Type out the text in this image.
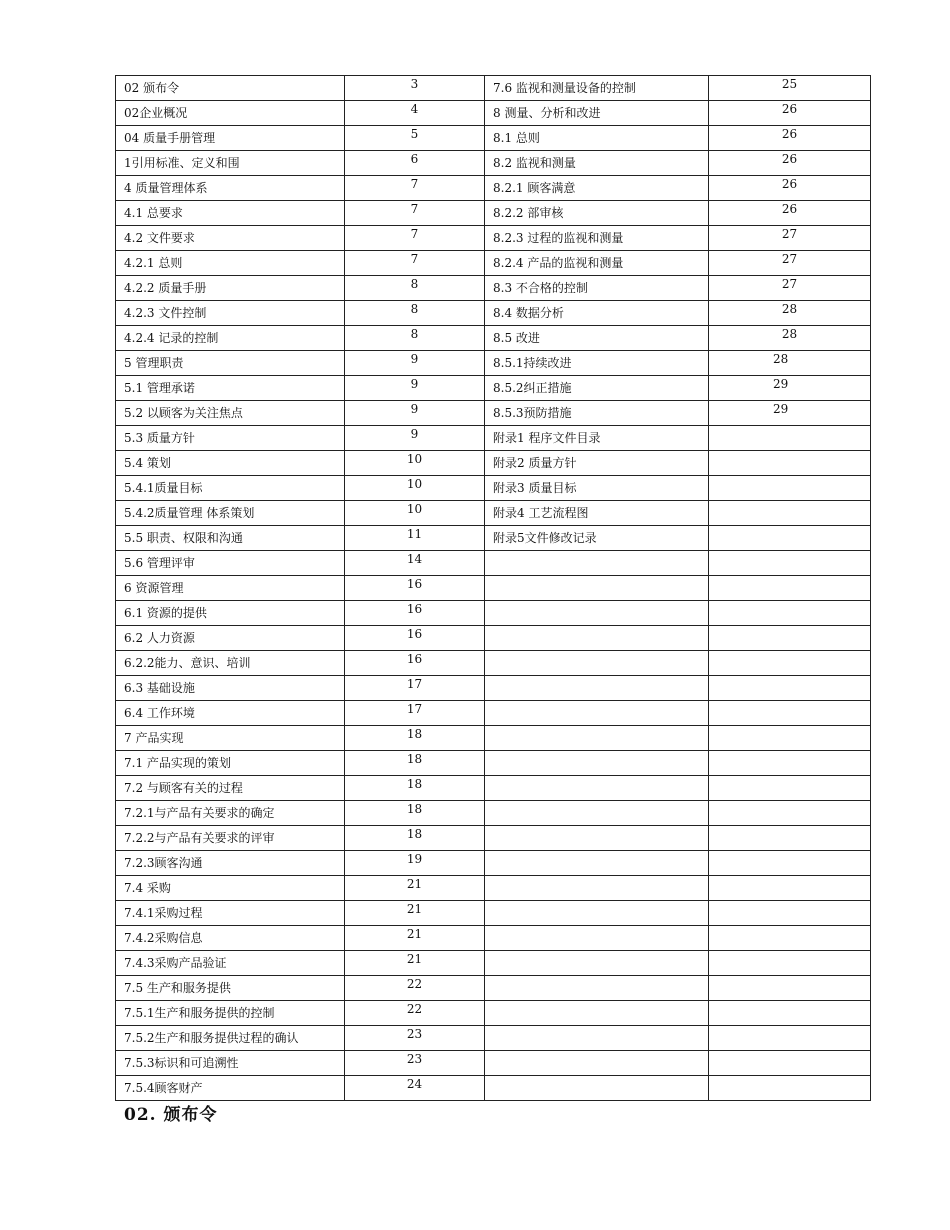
02 颁布令	3	7.6 监视和测量设备的控制	25
02企业概况	4	8 测量、分析和改进	26
04 质量手册管理	5	8.1 总则	26
1引用标准、定义和围	6	8.2 监视和测量	26
4 质量管理体系	7	8.2.1 顾客满意	26
4.1 总要求	7	8.2.2 部审核	26
4.2 文件要求	7	8.2.3 过程的监视和测量	27
4.2.1 总则	7	8.2.4 产品的监视和测量	27
4.2.2 质量手册	8	8.3 不合格的控制	27
4.2.3 文件控制	8	8.4 数据分析	28
4.2.4 记录的控制	8	8.5 改进	28
5 管理职责	9	8.5.1持续改进	28
5.1 管理承诺	9	8.5.2纠正措施	29
5.2 以顾客为关注焦点	9	8.5.3预防措施	29
5.3 质量方针	9	附录1 程序文件目录	
5.4 策划	10	附录2 质量方针	
5.4.1质量目标	10	附录3 质量目标	
5.4.2质量管理 体系策划	10	附录4 工艺流程图	
5.5 职责、权限和沟通	11	附录5文件修改记录	
5.6 管理评审	14		
6 资源管理	16		
6.1 资源的提供	16		
6.2 人力资源	16		
6.2.2能力、意识、培训	16		
6.3 基础设施	17		
6.4 工作环境	17		
7 产品实现	18		
7.1 产品实现的策划	18		
7.2 与顾客有关的过程	18		
7.2.1与产品有关要求的确定	18		
7.2.2与产品有关要求的评审	18		
7.2.3顾客沟通	19		
7.4 采购	21		
7.4.1采购过程	21		
7.4.2采购信息	21		
7.4.3采购产品验证	21		
7.5 生产和服务提供	22		
7.5.1生产和服务提供的控制	22		
7.5.2生产和服务提供过程的确认	23		
7.5.3标识和可追溯性	23		
7.5.4顾客财产	24		
02. 颁布令
